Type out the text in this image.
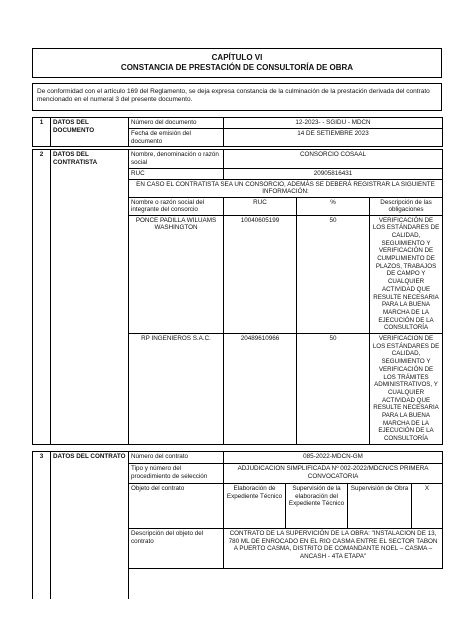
CAPÍTULO VI
CONSTANCIA DE PRESTACIÓN DE CONSULTORÍA DE OBRA
De conformidad con el artículo 169 del Reglamento, se deja expresa constancia de la culminación de la prestación derivada del contrato mencionado en el numeral 3 del presente documento.
1	DATOS DEL DOCUMENTO	Número del documento	12-2023- - SGIDU - MDCN
		Fecha de emisión del documento	14 DE SETIEMBRE 2023
2	DATOS DEL CONTRATISTA	Nombre, denominación o razón social	CONSORCIO COSAAL		
		RUC	20905816431		
		EN CASO EL CONTRATISTA SEA UN CONSORCIO, ADEMÁS SE DEBERÁ REGISTRAR LA SIGUIENTE INFORMACIÓN:			
		Nombre o razón social del integrante del consorcio	RUC	%	Descripción de las obligaciones
		PONCE PADILLA WILUAMS WASHINGTON	10040605199	50	VERIFICACIÓN DE LOS ESTÁNDARES DE CALIDAD, SEGUIMIENTO Y VERIFICACIÓN DE CUMPLIMIENTO DE PLAZOS, TRABAJOS DE CAMPO Y CUALQUIER ACTIVIDAD QUE RESULTE NECESARIA PARA LA BUENA MARCHA DE LA EJECUCIÓN DE LA CONSULTORÍA
		RP INGENIEROS S.A.C.	20489610966	50	VERIFICACION DE LOS ESTÁNDARES DE CALIDAD, SEGUIMIENTO Y VERIFICACIÓN DE LOS TRÁMITES ADMINISTRATIVOS, Y CUALQUIER ACTIVIDAD QUE RESULTE NECESARIA PARA LA BUENA MARCHA DE LA EJECUCIÓN DE LA CONSULTORÍA
3	DATOS DEL CONTRATO	Número del contrato	085-2022-MDCN-GM			
		Tipo y número del procedimiento de selección	ADJUDICACION SIMPLIFICADA Nº 002-2022/MDCN/CS PRIMERA CONVOCATORIA			
		Objeto del contrato	Elaboración de Expediente Técnico	Supervisión de la elaboración del Expediente Técnico	Supervisión de Obra	X
		Descripción del objeto del contrato	CONTRATO DE LA SUPERVICIÓN DE LA OBRA: "INSTALACION DE 13, 780 ML DE ENROCADO EN EL RIO CASMA ENTRE EL SECTOR TABON A PUERTO CASMA, DISTRITO DE COMANDANTE NOEL – CASMA – ANCASH - 4TA ETAPA"			
